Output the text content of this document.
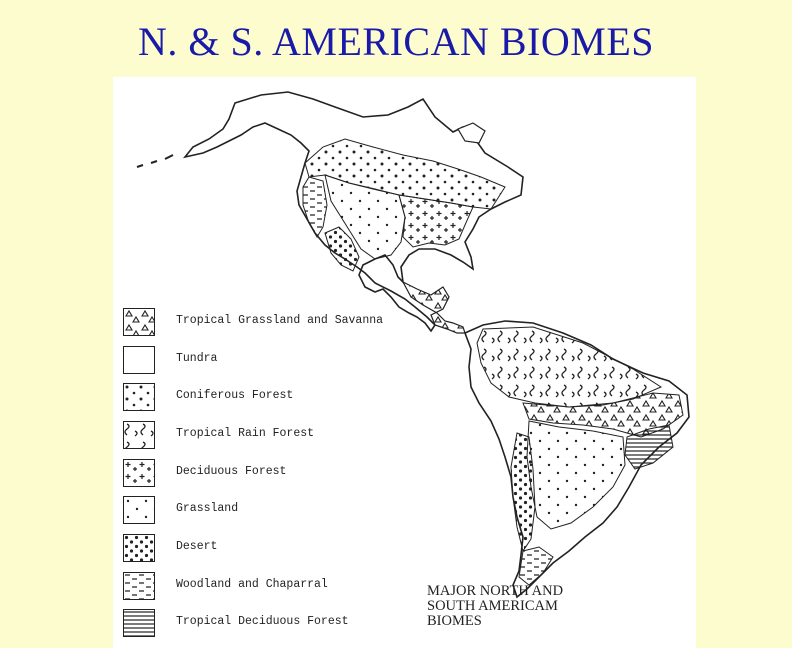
N. & S. AMERICAN BIOMES
Tropical Grassland and Savanna
Tundra
Coniferous Forest
Tropical Rain Forest
Deciduous Forest
Grassland
Desert
Woodland and Chaparral
Tropical Deciduous Forest
MAJOR NORTH AND
SOUTH AMERICAM
BIOMES
